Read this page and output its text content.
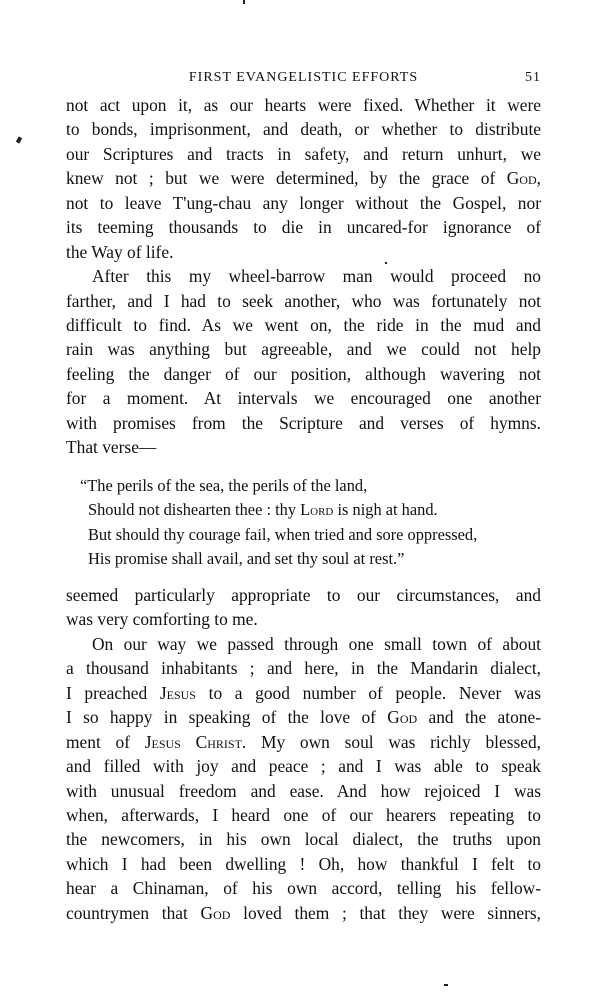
FIRST EVANGELISTIC EFFORTS	51
not act upon it, as our hearts were fixed. Whether it were
to bonds, imprisonment, and death, or whether to distribute
our Scriptures and tracts in safety, and return unhurt, we
knew not ; but we were determined, by the grace of God,
not to leave T'ung-chau any longer without the Gospel, nor
its teeming thousands to die in uncared-for ignorance of
the Way of life.
After this my wheel-barrow man would proceed no
farther, and I had to seek another, who was fortunately not
difficult to find. As we went on, the ride in the mud and
rain was anything but agreeable, and we could not help
feeling the danger of our position, although wavering not
for a moment. At intervals we encouraged one another
with promises from the Scripture and verses of hymns.
That verse—
“The perils of the sea, the perils of the land,
Should not dishearten thee : thy Lord is nigh at hand.
But should thy courage fail, when tried and sore oppressed,
His promise shall avail, and set thy soul at rest.”
seemed particularly appropriate to our circumstances, and
was very comforting to me.
On our way we passed through one small town of about
a thousand inhabitants ; and here, in the Mandarin dialect,
I preached Jesus to a good number of people. Never was
I so happy in speaking of the love of God and the atone-
ment of Jesus Christ. My own soul was richly blessed,
and filled with joy and peace ; and I was able to speak
with unusual freedom and ease. And how rejoiced I was
when, afterwards, I heard one of our hearers repeating to
the newcomers, in his own local dialect, the truths upon
which I had been dwelling ! Oh, how thankful I felt to
hear a Chinaman, of his own accord, telling his fellow-
countrymen that God loved them ; that they were sinners,
